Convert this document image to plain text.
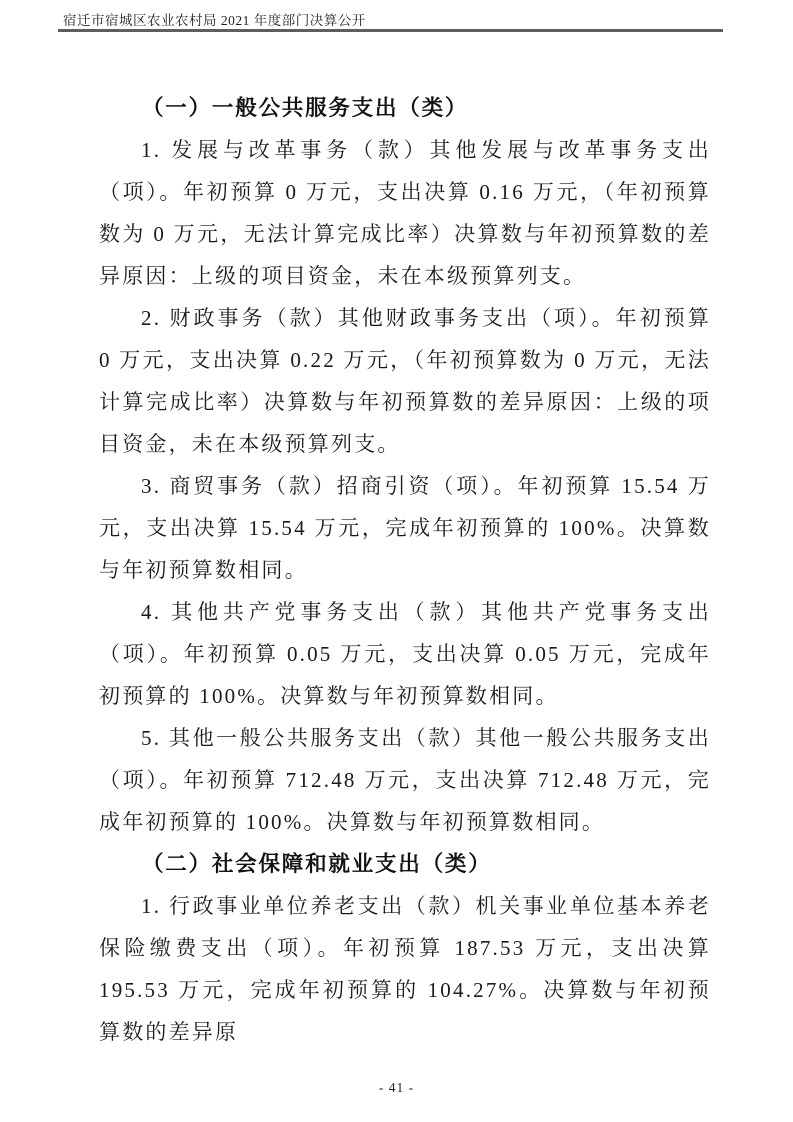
宿迁市宿城区农业农村局 2021 年度部门决算公开
（一）一般公共服务支出（类）

1. 发展与改革事务（款）其他发展与改革事务支出（项）。年初预算 0 万元，支出决算 0.16 万元，（年初预算数为 0 万元，无法计算完成比率）决算数与年初预算数的差异原因：上级的项目资金，未在本级预算列支。

2. 财政事务（款）其他财政事务支出（项）。年初预算 0 万元，支出决算 0.22 万元，（年初预算数为 0 万元，无法计算完成比率）决算数与年初预算数的差异原因：上级的项目资金，未在本级预算列支。

3. 商贸事务（款）招商引资（项）。年初预算 15.54 万元，支出决算 15.54 万元，完成年初预算的 100%。决算数与年初预算数相同。

4. 其他共产党事务支出（款）其他共产党事务支出（项）。年初预算 0.05 万元，支出决算 0.05 万元，完成年初预算的 100%。决算数与年初预算数相同。

5. 其他一般公共服务支出（款）其他一般公共服务支出（项）。年初预算 712.48 万元，支出决算 712.48 万元，完成年初预算的 100%。决算数与年初预算数相同。

（二）社会保障和就业支出（类）

1. 行政事业单位养老支出（款）机关事业单位基本养老保险缴费支出（项）。年初预算 187.53 万元，支出决算 195.53 万元，完成年初预算的 104.27%。决算数与年初预算数的差异原

- 41 -
